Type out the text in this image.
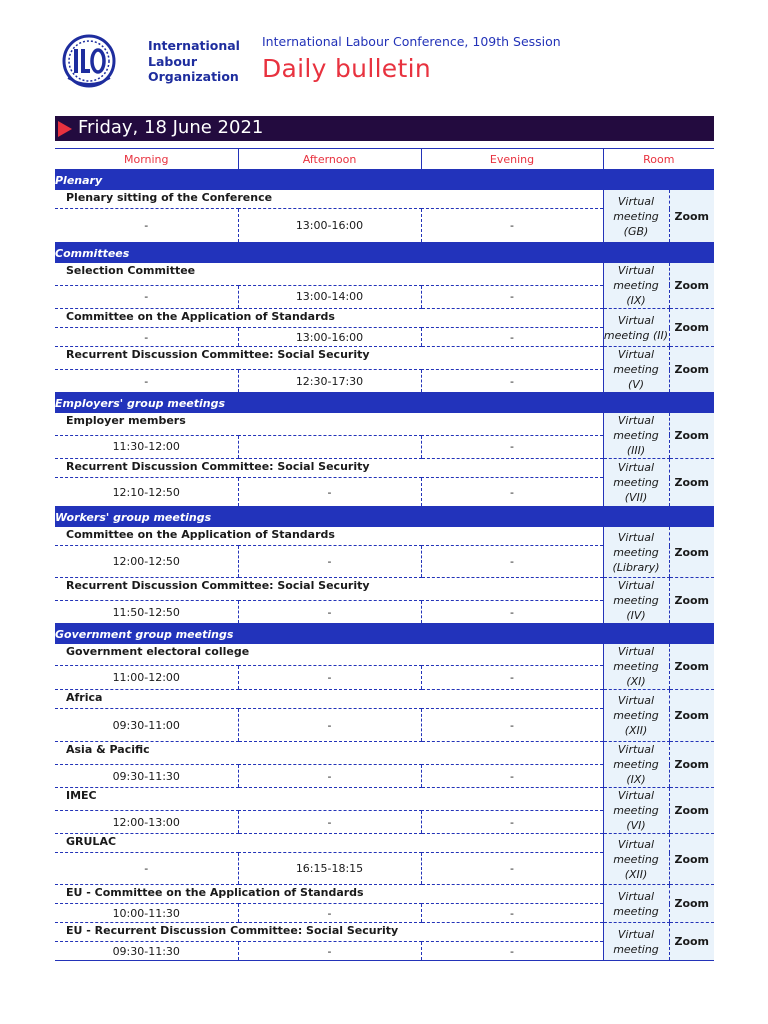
International
Labour
Organization
International Labour Conference, 109th Session
Daily bulletin
Friday, 18 June 2021
Morning	Afternoon	Evening	Room	
Plenary				
Plenary sitting of the Conference			Virtual meeting (GB)	Zoom
-	13:00-16:00	-		
Committees				
Selection Committee			Virtual meeting (IX)	Zoom
-	13:00-14:00	-		
Committee on the Application of Standards			Virtual meeting (II)	Zoom
-	13:00-16:00	-		
Recurrent Discussion Committee: Social Security			Virtual meeting (V)	Zoom
-	12:30-17:30	-		
Employers' group meetings				
Employer members			Virtual meeting (III)	Zoom
11:30-12:00		-		
Recurrent Discussion Committee: Social Security			Virtual meeting (VII)	Zoom
12:10-12:50	-	-		
Workers' group meetings				
Committee on the Application of Standards			Virtual meeting (Library)	Zoom
12:00-12:50	-	-		
Recurrent Discussion Committee: Social Security			Virtual meeting (IV)	Zoom
11:50-12:50	-	-		
Government group meetings				
Government electoral college			Virtual meeting (XI)	Zoom
11:00-12:00	-	-		
Africa			Virtual meeting (XII)	Zoom
09:30-11:00	-	-		
Asia & Pacific			Virtual meeting (IX)	Zoom
09:30-11:30	-	-		
IMEC			Virtual meeting (VI)	Zoom
12:00-13:00	-	-		
GRULAC			Virtual meeting (XII)	Zoom
-	16:15-18:15	-		
EU - Committee on the Application of Standards			Virtual meeting	Zoom
10:00-11:30	-	-		
EU - Recurrent Discussion Committee: Social Security			Virtual meeting	Zoom
09:30-11:30	-	-		
